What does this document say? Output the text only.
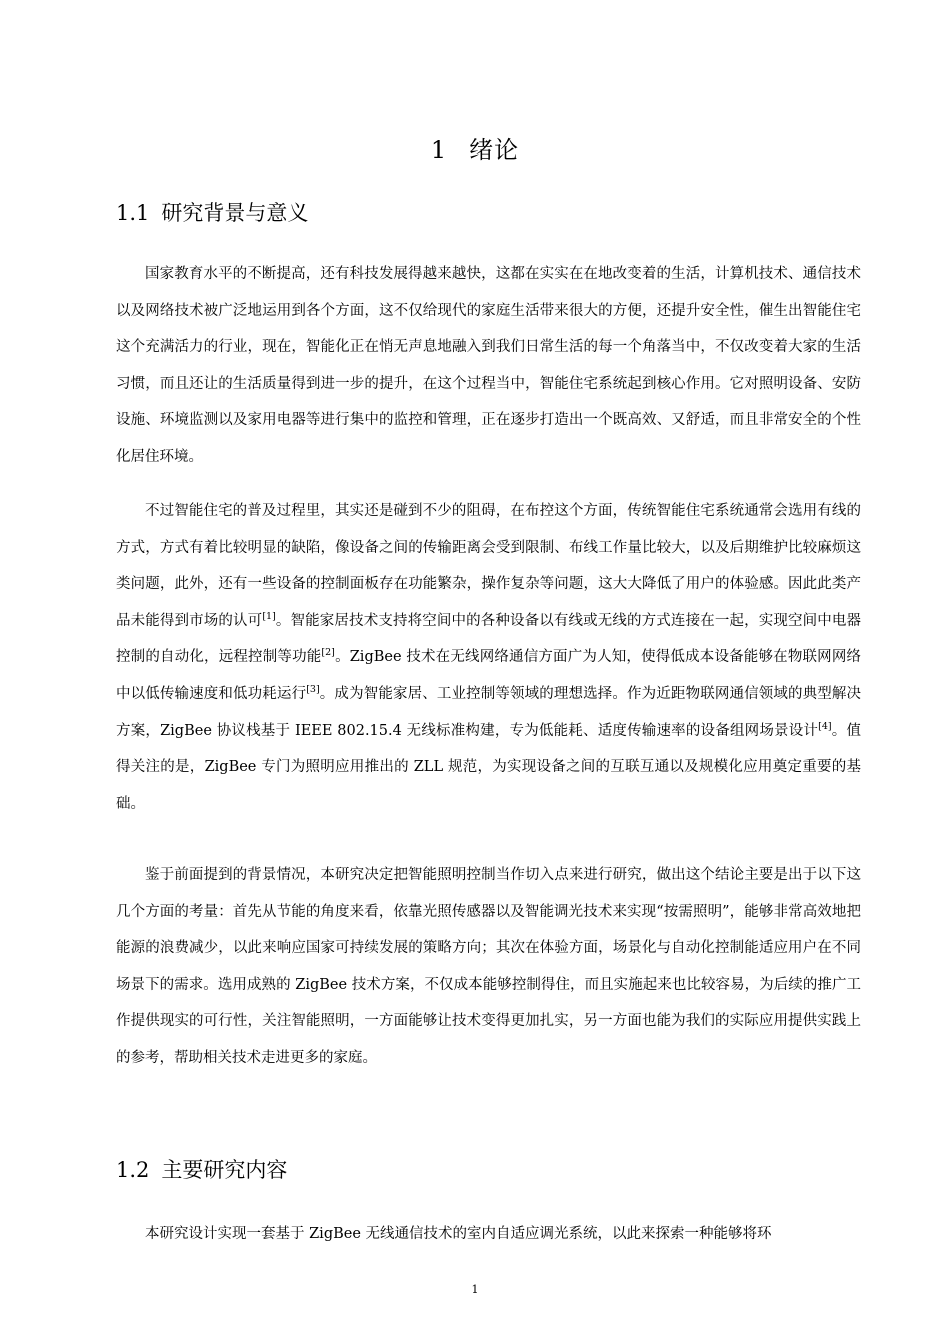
1 绪论
1.1 研究背景与意义

国家教育水平的不断提高，还有科技发展得越来越快，这都在实实在在地改变着的生活，计算机技术、通信技术以及网络技术被广泛地运用到各个方面，这不仅给现代的家庭生活带来很大的方便，还提升安全性，催生出智能住宅这个充满活力的行业，现在，智能化正在悄无声息地融入到我们日常生活的每一个角落当中，不仅改变着大家的生活习惯，而且还让的生活质量得到进一步的提升，在这个过程当中，智能住宅系统起到核心作用。它对照明设备、安防设施、环境监测以及家用电器等进行集中的监控和管理，正在逐步打造出一个既高效、又舒适，而且非常安全的个性化居住环境。

不过智能住宅的普及过程里，其实还是碰到不少的阻碍，在布控这个方面，传统智能住宅系统通常会选用有线的方式，方式有着比较明显的缺陷，像设备之间的传输距离会受到限制、布线工作量比较大，以及后期维护比较麻烦这类问题，此外，还有一些设备的控制面板存在功能繁杂，操作复杂等问题，这大大降低了用户的体验感。因此此类产品未能得到市场的认可[1]。智能家居技术支持将空间中的各种设备以有线或无线的方式连接在一起，实现空间中电器控制的自动化，远程控制等功能[2]。ZigBee 技术在无线网络通信方面广为人知，使得低成本设备能够在物联网网络中以低传输速度和低功耗运行[3]。成为智能家居、工业控制等领域的理想选择。作为近距物联网通信领域的典型解决方案，ZigBee 协议栈基于 IEEE 802.15.4 无线标准构建，专为低能耗、适度传输速率的设备组网场景设计[4]。值得关注的是，ZigBee 专门为照明应用推出的 ZLL 规范，为实现设备之间的互联互通以及规模化应用奠定重要的基础。

鉴于前面提到的背景情况，本研究决定把智能照明控制当作切入点来进行研究，做出这个结论主要是出于以下这几个方面的考量：首先从节能的角度来看，依靠光照传感器以及智能调光技术来实现“按需照明”，能够非常高效地把能源的浪费减少，以此来响应国家可持续发展的策略方向；其次在体验方面，场景化与自动化控制能适应用户在不同场景下的需求。选用成熟的 ZigBee 技术方案，不仅成本能够控制得住，而且实施起来也比较容易，为后续的推广工作提供现实的可行性，关注智能照明，一方面能够让技术变得更加扎实，另一方面也能为我们的实际应用提供实践上的参考，帮助相关技术走进更多的家庭。

1.2 主要研究内容

本研究设计实现一套基于 ZigBee 无线通信技术的室内自适应调光系统，以此来探索一种能够将环

1
